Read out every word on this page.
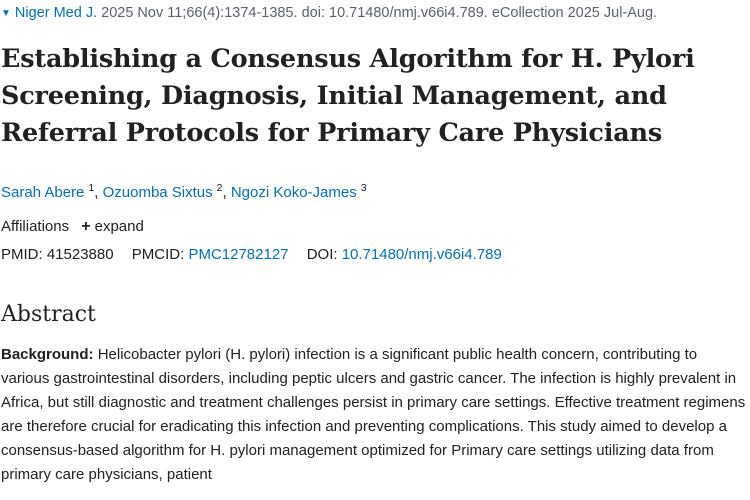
▼ Niger Med J. 2025 Nov 11;66(4):1374-1385. doi: 10.71480/nmj.v66i4.789. eCollection 2025 Jul-Aug.
Establishing a Consensus Algorithm for H. Pylori Screening, Diagnosis, Initial Management, and Referral Protocols for Primary Care Physicians
Sarah Abere $^1$, Ozuomba Sixtus $^2$, Ngozi Koko-James $^3$
Affiliations + expand
PMID: 41523880 PMCID: PMC12782127 DOI: 10.71480/nmj.v66i4.789
Abstract

Background: Helicobacter pylori (H. pylori) infection is a significant public health concern, contributing to various gastrointestinal disorders, including peptic ulcers and gastric cancer. The infection is highly prevalent in Africa, but still diagnostic and treatment challenges persist in primary care settings. Effective treatment regimens are therefore crucial for eradicating this infection and preventing complications. This study aimed to develop a consensus-based algorithm for H. pylori management optimized for Primary care settings utilizing data from primary care physicians, patient
